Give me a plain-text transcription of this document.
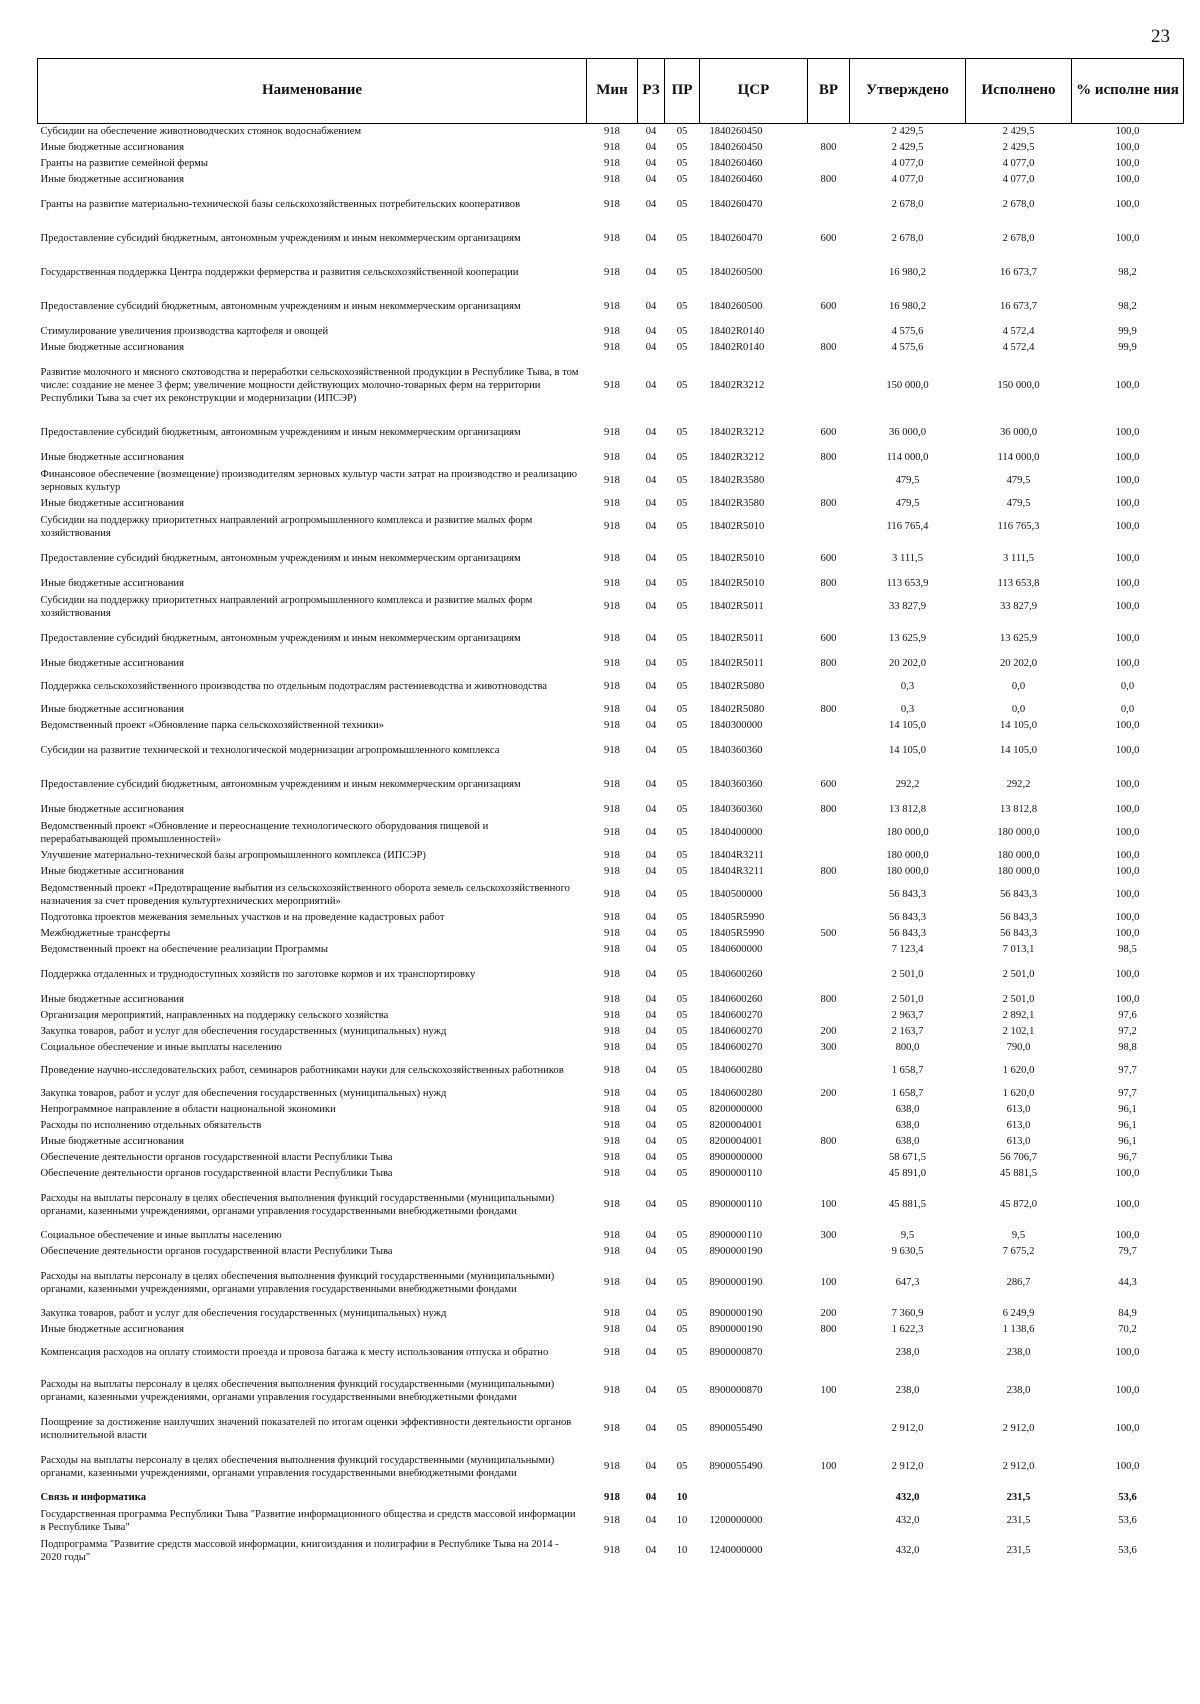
23
Наименование	Мин	РЗ	ПР	ЦСР	ВР	Утверждено	Исполнено	% исполне ния
Субсидии на обеспечение животноводческих стоянок водоснабжением	918	04	05	1840260450		2 429,5	2 429,5	100,0
Иные бюджетные ассигнования	918	04	05	1840260450	800	2 429,5	2 429,5	100,0
Гранты на развитие семейной фермы	918	04	05	1840260460		4 077,0	4 077,0	100,0
Иные бюджетные ассигнования	918	04	05	1840260460	800	4 077,0	4 077,0	100,0
Гранты на развитие материально-технической базы сельскохозяйственных потребительских кооперативов	918	04	05	1840260470		2 678,0	2 678,0	100,0
Предоставление субсидий бюджетным, автономным учреждениям и иным некоммерческим организациям	918	04	05	1840260470	600	2 678,0	2 678,0	100,0
Государственная поддержка Центра поддержки фермерства и развития сельскохозяйственной кооперации	918	04	05	1840260500		16 980,2	16 673,7	98,2
Предоставление субсидий бюджетным, автономным учреждениям и иным некоммерческим организациям	918	04	05	1840260500	600	16 980,2	16 673,7	98,2
Стимулирование увеличения производства картофеля и овощей	918	04	05	18402R0140		4 575,6	4 572,4	99,9
Иные бюджетные ассигнования	918	04	05	18402R0140	800	4 575,6	4 572,4	99,9
Развитие молочного и мясного скотоводства и переработки сельскохозяйственной продукции в Республике Тыва, в том числе: создание не менее 3 ферм; увеличение мощности действующих молочно-товарных ферм на территории Республики Тыва за счет их реконструкции и модернизации (ИПСЭР)	918	04	05	18402R3212		150 000,0	150 000,0	100,0
Предоставление субсидий бюджетным, автономным учреждениям и иным некоммерческим организациям	918	04	05	18402R3212	600	36 000,0	36 000,0	100,0
Иные бюджетные ассигнования	918	04	05	18402R3212	800	114 000,0	114 000,0	100,0
Финансовое обеспечение (возмещение) производителям зерновых культур части затрат на производство и реализацию зерновых культур	918	04	05	18402R3580		479,5	479,5	100,0
Иные бюджетные ассигнования	918	04	05	18402R3580	800	479,5	479,5	100,0
Субсидии на поддержку приоритетных направлений агропромышленного комплекса и развитие малых форм хозяйствования	918	04	05	18402R5010		116 765,4	116 765,3	100,0
Предоставление субсидий бюджетным, автономным учреждениям и иным некоммерческим организациям	918	04	05	18402R5010	600	3 111,5	3 111,5	100,0
Иные бюджетные ассигнования	918	04	05	18402R5010	800	113 653,9	113 653,8	100,0
Субсидии на поддержку приоритетных направлений агропромышленного комплекса и развитие малых форм хозяйствования	918	04	05	18402R5011		33 827,9	33 827,9	100,0
Предоставление субсидий бюджетным, автономным учреждениям и иным некоммерческим организациям	918	04	05	18402R5011	600	13 625,9	13 625,9	100,0
Иные бюджетные ассигнования	918	04	05	18402R5011	800	20 202,0	20 202,0	100,0
Поддержка сельскохозяйственного производства по отдельным подотраслям растениеводства и животноводства	918	04	05	18402R5080		0,3	0,0	0,0
Иные бюджетные ассигнования	918	04	05	18402R5080	800	0,3	0,0	0,0
Ведомственный проект «Обновление парка сельскохозяйственной техники»	918	04	05	1840300000		14 105,0	14 105,0	100,0
Субсидии на развитие технической и технологической модернизации агропромышленного комплекса	918	04	05	1840360360		14 105,0	14 105,0	100,0
Предоставление субсидий бюджетным, автономным учреждениям и иным некоммерческим организациям	918	04	05	1840360360	600	292,2	292,2	100,0
Иные бюджетные ассигнования	918	04	05	1840360360	800	13 812,8	13 812,8	100,0
Ведомственный проект «Обновление и переоснащение технологического оборудования пищевой и перерабатывающей промышленностей»	918	04	05	1840400000		180 000,0	180 000,0	100,0
Улучшение материально-технической базы агропромышленного комплекса (ИПСЭР)	918	04	05	18404R3211		180 000,0	180 000,0	100,0
Иные бюджетные ассигнования	918	04	05	18404R3211	800	180 000,0	180 000,0	100,0
Ведомственный проект «Предотвращение выбытия из сельскохозяйственного оборота земель сельскохозяйственного назначения за счет проведения культуртехнических мероприятий»	918	04	05	1840500000		56 843,3	56 843,3	100,0
Подготовка проектов межевания земельных участков и на проведение кадастровых работ	918	04	05	18405R5990		56 843,3	56 843,3	100,0
Межбюджетные трансферты	918	04	05	18405R5990	500	56 843,3	56 843,3	100,0
Ведомственный проект на обеспечение реализации Программы	918	04	05	1840600000		7 123,4	7 013,1	98,5
Поддержка отдаленных и труднодоступных хозяйств по заготовке кормов и их транспортировку	918	04	05	1840600260		2 501,0	2 501,0	100,0
Иные бюджетные ассигнования	918	04	05	1840600260	800	2 501,0	2 501,0	100,0
Организация мероприятий, направленных на поддержку сельского хозяйства	918	04	05	1840600270		2 963,7	2 892,1	97,6
Закупка товаров, работ и услуг для обеспечения государственных (муниципальных) нужд	918	04	05	1840600270	200	2 163,7	2 102,1	97,2
Социальное обеспечение и иные выплаты населению	918	04	05	1840600270	300	800,0	790,0	98,8
Проведение научно-исследовательских работ, семинаров работниками науки для сельскохозяйственных работников	918	04	05	1840600280		1 658,7	1 620,0	97,7
Закупка товаров, работ и услуг для обеспечения государственных (муниципальных) нужд	918	04	05	1840600280	200	1 658,7	1 620,0	97,7
Непрограммное направление в области национальной экономики	918	04	05	8200000000		638,0	613,0	96,1
Расходы по исполнению отдельных обязательств	918	04	05	8200004001		638,0	613,0	96,1
Иные бюджетные ассигнования	918	04	05	8200004001	800	638,0	613,0	96,1
Обеспечение деятельности органов государственной власти Республики Тыва	918	04	05	8900000000		58 671,5	56 706,7	96,7
Обеспечение деятельности органов государственной власти Республики Тыва	918	04	05	8900000110		45 891,0	45 881,5	100,0
Расходы на выплаты персоналу в целях обеспечения выполнения функций государственными (муниципальными) органами, казенными учреждениями, органами управления государственными внебюджетными фондами	918	04	05	8900000110	100	45 881,5	45 872,0	100,0
Социальное обеспечение и иные выплаты населению	918	04	05	8900000110	300	9,5	9,5	100,0
Обеспечение деятельности органов государственной власти Республики Тыва	918	04	05	8900000190		9 630,5	7 675,2	79,7
Расходы на выплаты персоналу в целях обеспечения выполнения функций государственными (муниципальными) органами, казенными учреждениями, органами управления государственными внебюджетными фондами	918	04	05	8900000190	100	647,3	286,7	44,3
Закупка товаров, работ и услуг для обеспечения государственных (муниципальных) нужд	918	04	05	8900000190	200	7 360,9	6 249,9	84,9
Иные бюджетные ассигнования	918	04	05	8900000190	800	1 622,3	1 138,6	70,2
Компенсация расходов на оплату стоимости проезда и провоза багажа к месту использования отпуска и обратно	918	04	05	8900000870		238,0	238,0	100,0
Расходы на выплаты персоналу в целях обеспечения выполнения функций государственными (муниципальными) органами, казенными учреждениями, органами управления государственными внебюджетными фондами	918	04	05	8900000870	100	238,0	238,0	100,0
Поощрение за достижение наилучших значений показателей по итогам оценки эффективности деятельности органов исполнительной власти	918	04	05	8900055490		2 912,0	2 912,0	100,0
Расходы на выплаты персоналу в целях обеспечения выполнения функций государственными (муниципальными) органами, казенными учреждениями, органами управления государственными внебюджетными фондами	918	04	05	8900055490	100	2 912,0	2 912,0	100,0
Связь и информатика	918	04	10			432,0	231,5	53,6
Государственная программа Республики Тыва "Развитие информационного общества и средств массовой информации в Республике Тыва"	918	04	10	1200000000		432,0	231,5	53,6
Подпрограмма "Развитие средств массовой информации, книгоиздания и полиграфии в Республике Тыва на 2014 - 2020 годы"	918	04	10	1240000000		432,0	231,5	53,6
